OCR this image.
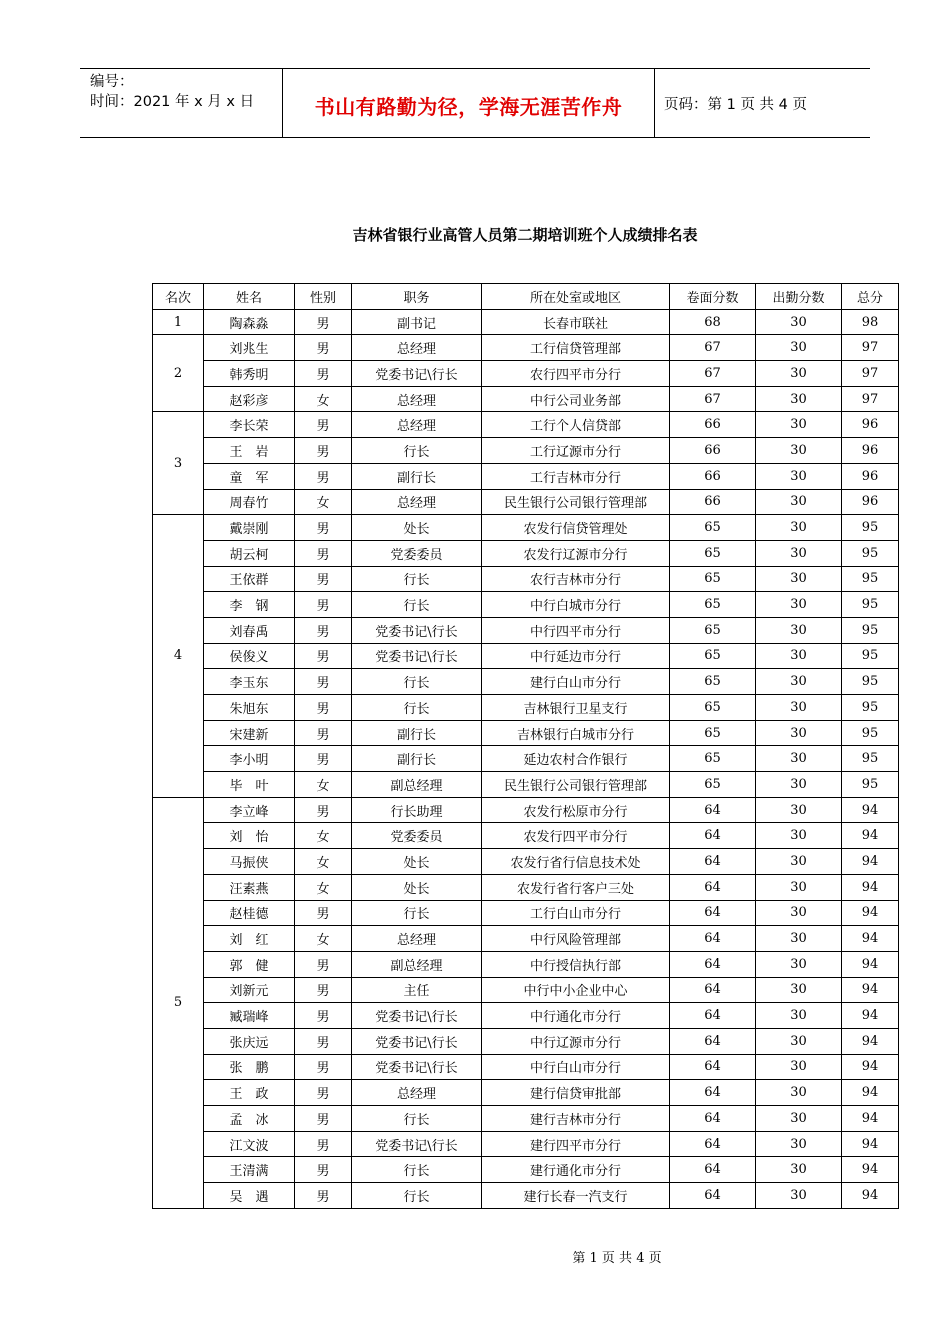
编号：
时间：2021 年 x 月 x 日	书山有路勤为径，学海无涯苦作舟	页码：第 1 页 共 4 页
吉林省银行业高管人员第二期培训班个人成绩排名表
名次	姓名	性别	职务	所在处室或地区	卷面分数	出勤分数	总分
1	陶森淼	男	副书记	长春市联社	68	30	98
2	刘兆生	男	总经理	工行信贷管理部	67	30	97
	韩秀明	男	党委书记\行长	农行四平市分行	67	30	97
	赵彩彦	女	总经理	中行公司业务部	67	30	97
3	李长荣	男	总经理	工行个人信贷部	66	30	96
	王　岩	男	行长	工行辽源市分行	66	30	96
	童　军	男	副行长	工行吉林市分行	66	30	96
	周春竹	女	总经理	民生银行公司银行管理部	66	30	96
4	戴崇刚	男	处长	农发行信贷管理处	65	30	95
	胡云柯	男	党委委员	农发行辽源市分行	65	30	95
	王依群	男	行长	农行吉林市分行	65	30	95
	李　钢	男	行长	中行白城市分行	65	30	95
	刘春禹	男	党委书记\行长	中行四平市分行	65	30	95
	侯俊义	男	党委书记\行长	中行延边市分行	65	30	95
	李玉东	男	行长	建行白山市分行	65	30	95
	朱旭东	男	行长	吉林银行卫星支行	65	30	95
	宋建新	男	副行长	吉林银行白城市分行	65	30	95
	李小明	男	副行长	延边农村合作银行	65	30	95
	毕　叶	女	副总经理	民生银行公司银行管理部	65	30	95
5	李立峰	男	行长助理	农发行松原市分行	64	30	94
	刘　怡	女	党委委员	农发行四平市分行	64	30	94
	马振侠	女	处长	农发行省行信息技术处	64	30	94
	汪素燕	女	处长	农发行省行客户三处	64	30	94
	赵桂德	男	行长	工行白山市分行	64	30	94
	刘　红	女	总经理	中行风险管理部	64	30	94
	郭　健	男	副总经理	中行授信执行部	64	30	94
	刘新元	男	主任	中行中小企业中心	64	30	94
	臧瑞峰	男	党委书记\行长	中行通化市分行	64	30	94
	张庆远	男	党委书记\行长	中行辽源市分行	64	30	94
	张　鹏	男	党委书记\行长	中行白山市分行	64	30	94
	王　政	男	总经理	建行信贷审批部	64	30	94
	孟　冰	男	行长	建行吉林市分行	64	30	94
	江文波	男	党委书记\行长	建行四平市分行	64	30	94
	王清满	男	行长	建行通化市分行	64	30	94
	吴　遇	男	行长	建行长春一汽支行	64	30	94
第 1 页 共 4 页
